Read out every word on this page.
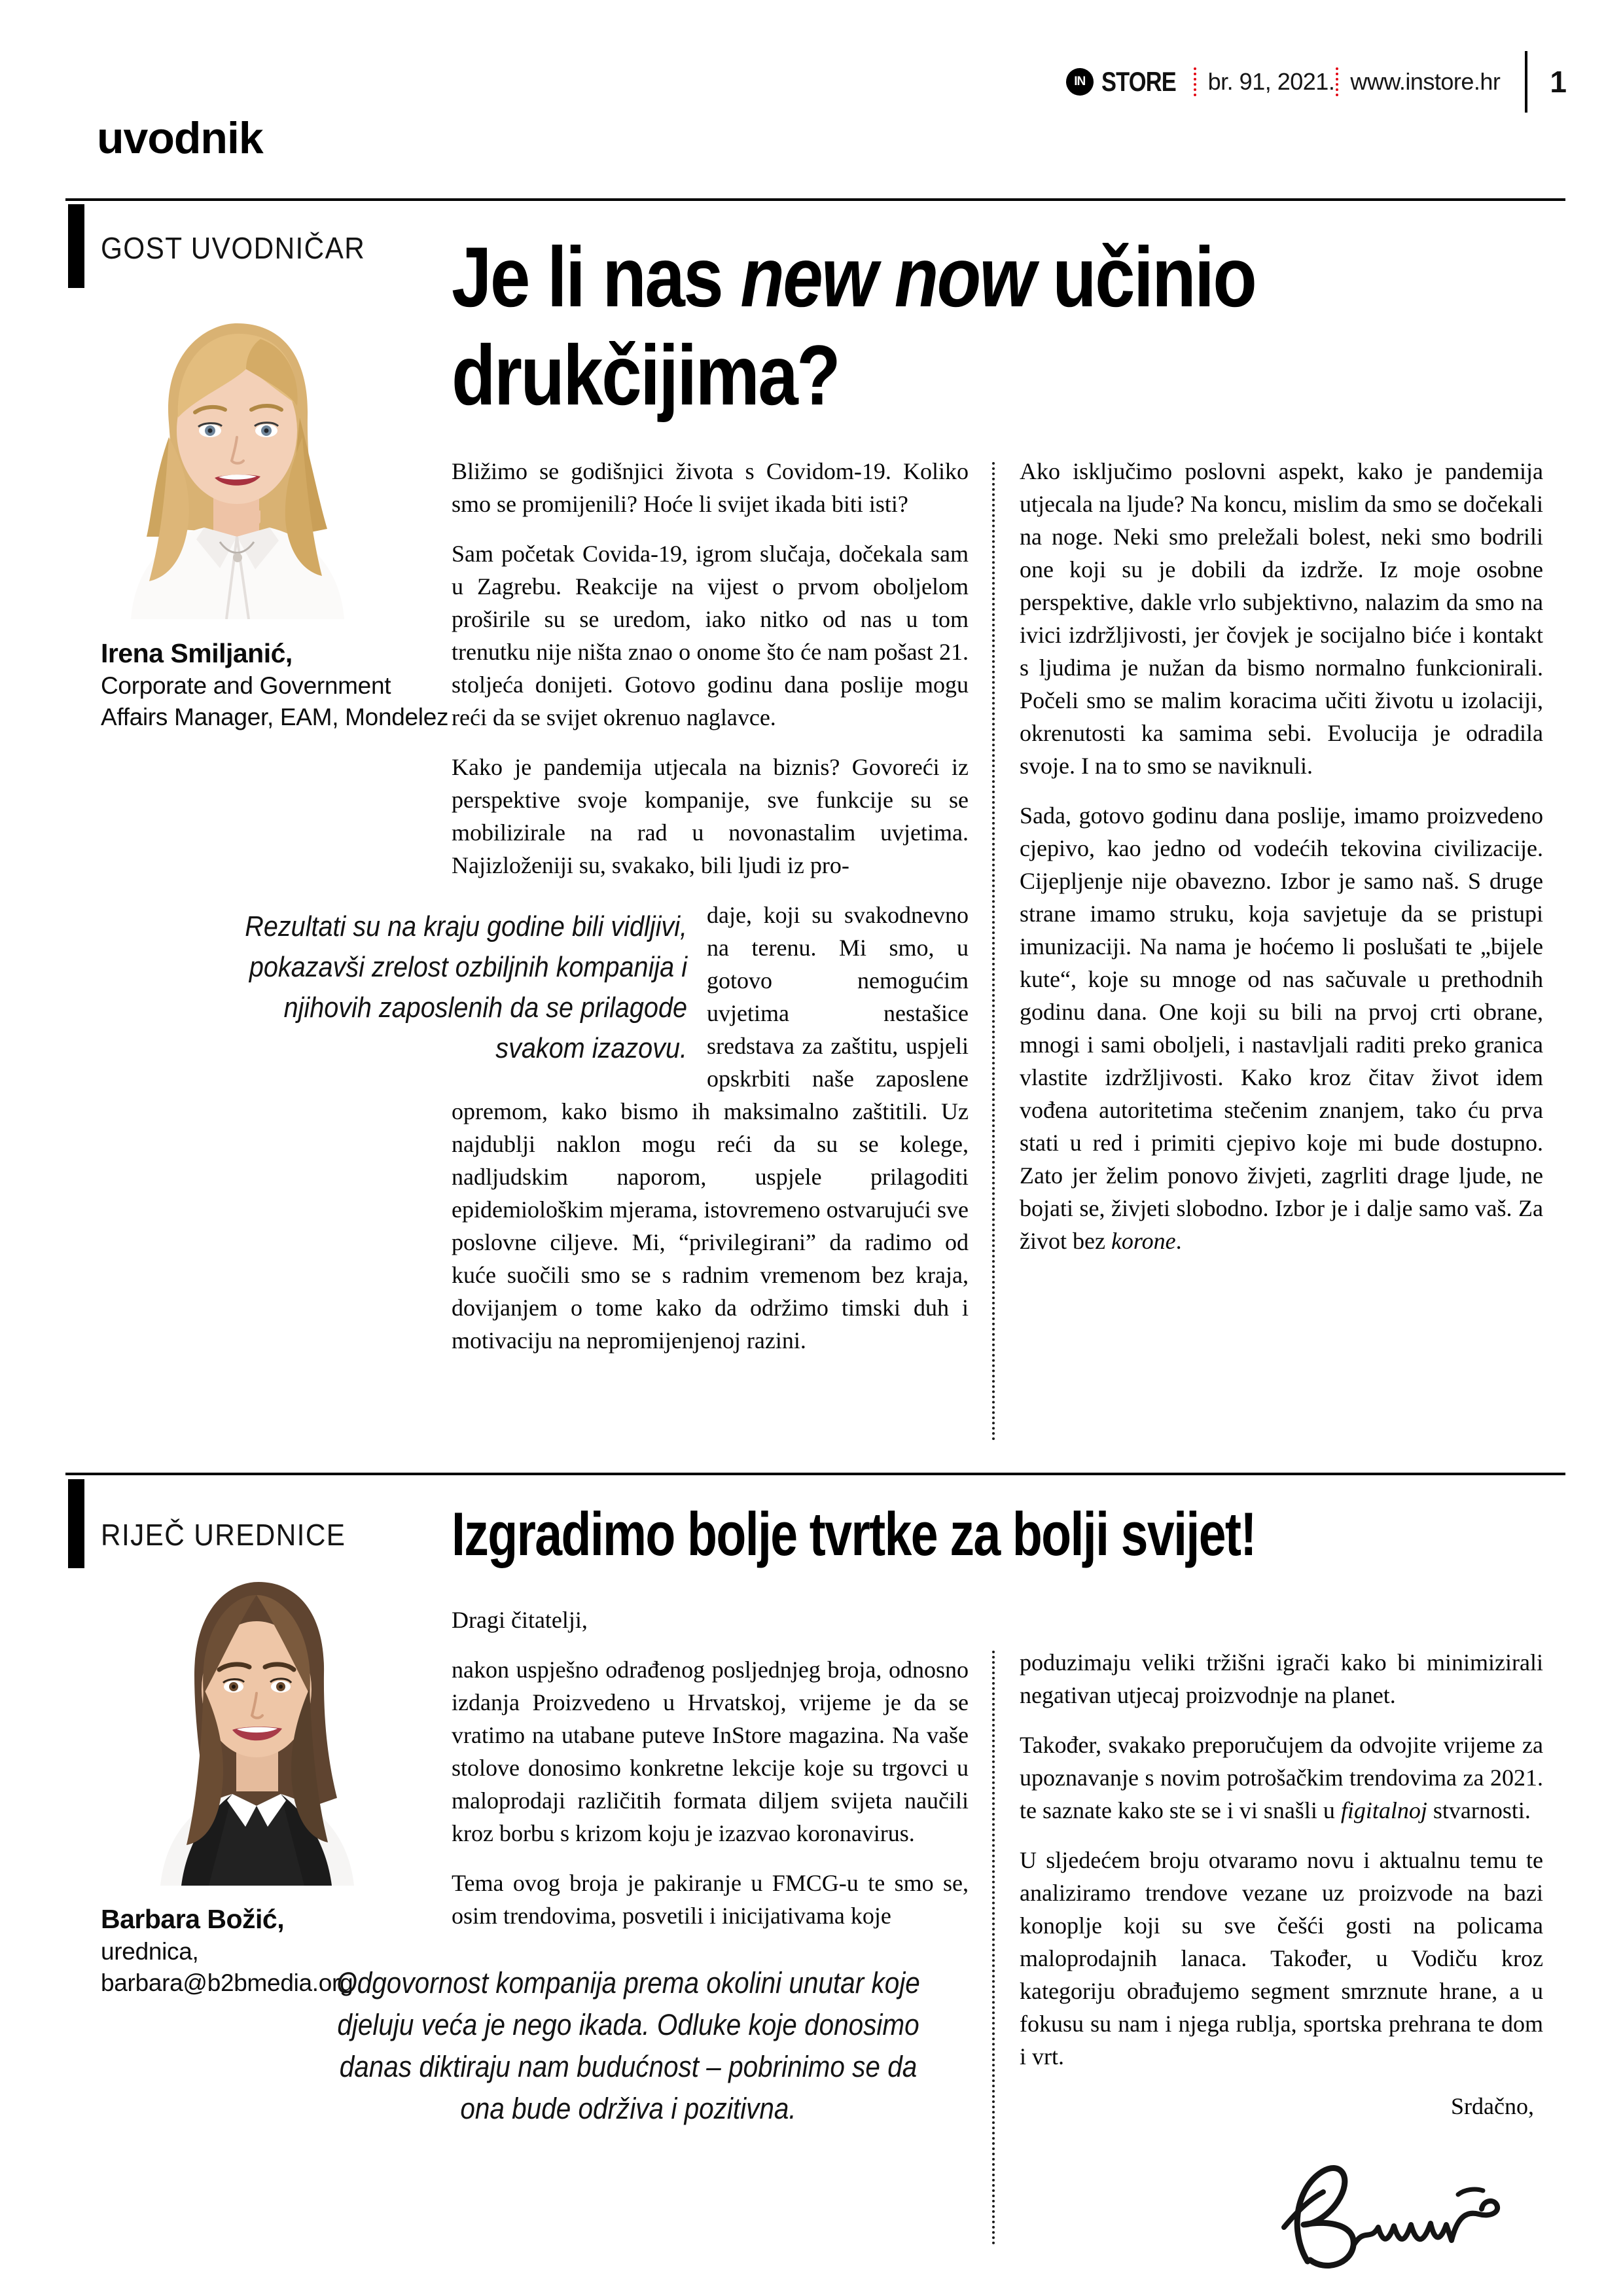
IN STORE br. 91, 2021. www.instore.hr 1
uvodnik
GOST UVODNIČAR Je li nas new now učinio
drukčijima?
Irena Smiljanić,
Corporate and Government Affairs Manager, EAM, Mondelez

Bližimo se godišnjici života s Covidom-19. Koliko smo se promijenili? Hoće li svijet ikada biti isti?

Sam početak Covida-19, igrom slučaja, dočekala sam u Zagrebu. Reakcije na vijest o prvom oboljelom proširile su se uredom, iako nitko od nas u tom trenutku nije ništa znao o onome što će nam pošast 21. stoljeća donijeti. Gotovo godinu dana poslije mogu reći da se svijet okrenuo naglavce.

Kako je pandemija utjecala na biznis? Govoreći iz perspektive svoje kompanije, sve funkcije su se mobilizirale na rad u novonastalim uvjetima. Najizloženiji su, svakako, bili ljudi iz pro-

Rezultati su na kraju godine bili vidljivi, pokazavši zrelost ozbiljnih kompanija i njihovih zaposlenih da se prilagode svakom izazovu.
daje, koji su svakodnevno na terenu. Mi smo, u gotovo nemogućim uvjetima nestašice sredstava za zaštitu, uspjeli opskrbiti naše zaposlene opremom, kako bismo ih maksimalno zaštitili. Uz najdublji naklon mogu reći da su se kolege, nadljudskim naporom, uspjele prilagoditi epidemiološkim mjerama, istovremeno ostvarujući sve poslovne ciljeve. Mi, “privilegirani” da radimo od kuće suočili smo se s radnim vremenom bez kraja, dovijanjem o tome kako da održimo timski duh i motivaciju na nepromijenjenoj razini.

Ako isključimo poslovni aspekt, kako je pandemija utjecala na ljude? Na koncu, mislim da smo se dočekali na noge. Neki smo preležali bolest, neki smo bodrili one koji su je dobili da izdrže. Iz moje osobne perspektive, dakle vrlo subjektivno, nalazim da smo na ivici izdržljivosti, jer čovjek je socijalno biće i kontakt s ljudima je nužan da bismo normalno funkcionirali. Počeli smo se malim koracima učiti životu u izolaciji, okrenutosti ka samima sebi. Evolucija je odradila svoje. I na to smo se naviknuli.

Sada, gotovo godinu dana poslije, imamo proizvedeno cjepivo, kao jedno od vodećih tekovina civilizacije. Cijepljenje nije obavezno. Izbor je samo naš. S druge strane imamo struku, koja savjetuje da se pristupi imunizaciji. Na nama je hoćemo li poslušati te „bijele kute“, koje su mnoge od nas sačuvale u prethodnih godinu dana. One koji su bili na prvoj crti obrane, mnogi i sami oboljeli, i nastavljali raditi preko granica vlastite izdržljivosti. Kako kroz čitav život idem vođena autoritetima stečenim znanjem, tako ću prva stati u red i primiti cjepivo koje mi bude dostupno. Zato jer želim ponovo živjeti, zagrliti drage ljude, ne bojati se, živjeti slobodno. Izbor je i dalje samo vaš. Za život bez korone.

RIJEČ UREDNICE Izgradimo bolje tvrtke za bolji svijet!
Barbara Božić,
urednica,
barbara@b2bmedia.org

Dragi čitatelji,

nakon uspješno odrađenog posljednjeg broja, odnosno izdanja Proizvedeno u Hrvatskoj, vrijeme je da se vratimo na utabane puteve InStore magazina. Na vaše stolove donosimo konkretne lekcije koje su trgovci u maloprodaji različitih formata diljem svijeta naučili kroz borbu s krizom koju je izazvao koronavirus.

Tema ovog broja je pakiranje u FMCG-u te smo se, osim trendovima, posvetili i inicijativama koje

Odgovornost kompanija prema okolini unutar koje djeluju veća je nego ikada. Odluke koje donosimo danas diktiraju nam budućnost – pobrinimo se da ona bude održiva i pozitivna.

poduzimaju veliki tržišni igrači kako bi minimizirali negativan utjecaj proizvodnje na planet.

Također, svakako preporučujem da odvojite vrijeme za upoznavanje s novim potrošačkim trendovima za 2021. te saznate kako ste se i vi snašli u figitalnoj stvarnosti.

U sljedećem broju otvaramo novu i aktualnu temu te analiziramo trendove vezane uz proizvode na bazi konoplje koji su sve češći gosti na policama maloprodajnih lanaca. Također, u Vodiču kroz kategoriju obrađujemo segment smrznute hrane, a u fokusu su nam i njega rublja, sportska prehrana te dom i vrt.

Srdačno,
